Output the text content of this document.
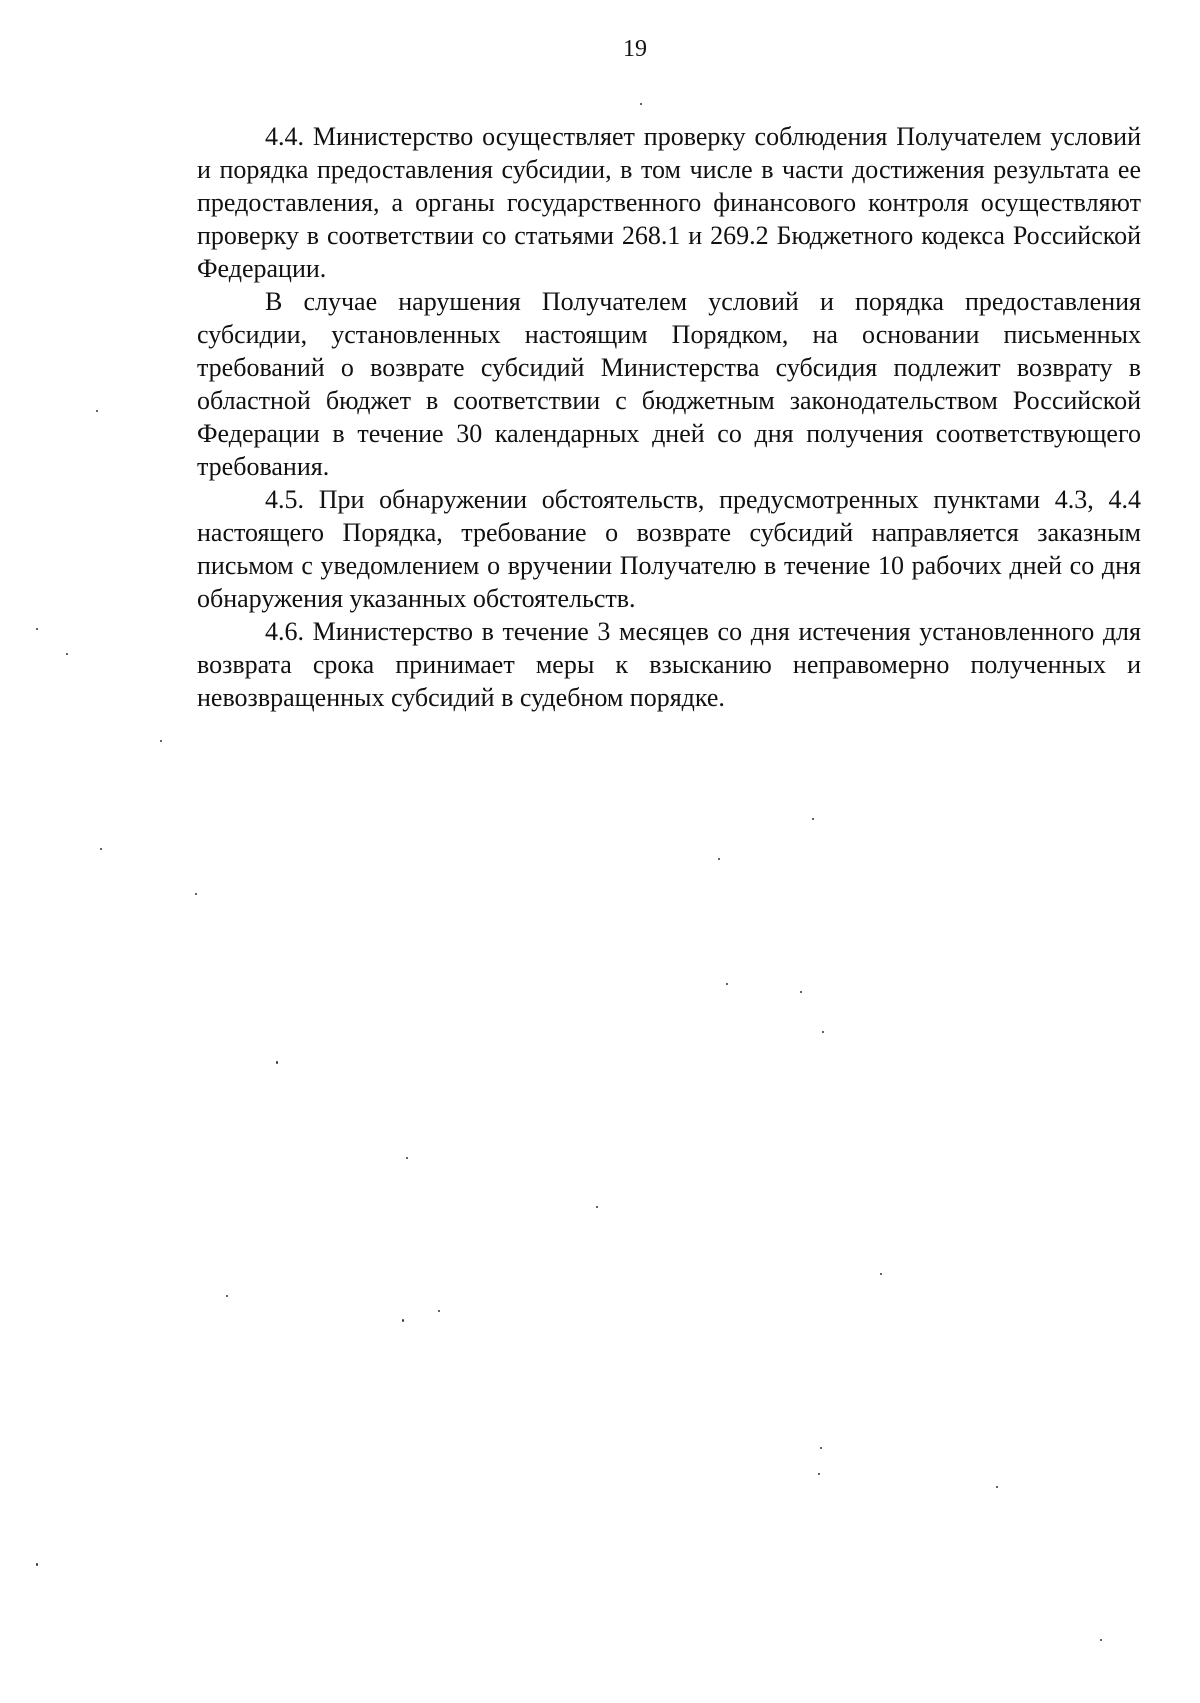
19

4.4. Министерство осуществляет проверку соблюдения Получателем условий и порядка предоставления субсидии, в том числе в части достижения результата ее предоставления, а органы государственного финансового контроля осуществляют проверку в соответствии со статьями 268.1 и 269.2 Бюджетного кодекса Российской Федерации.

В случае нарушения Получателем условий и порядка предоставления субсидии, установленных настоящим Порядком, на основании письменных требований о возврате субсидий Министерства субсидия подлежит возврату в областной бюджет в соответствии с бюджетным законодательством Российской Федерации в течение 30 календарных дней со дня получения соответствующего требования.

4.5. При обнаружении обстоятельств, предусмотренных пунктами 4.3, 4.4 настоящего Порядка, требование о возврате субсидий направляется заказным письмом с уведомлением о вручении Получателю в течение 10 рабочих дней со дня обнаружения указанных обстоятельств.

4.6. Министерство в течение 3 месяцев со дня истечения установленного для возврата срока принимает меры к взысканию неправомерно полученных и невозвращенных субсидий в судебном порядке.
